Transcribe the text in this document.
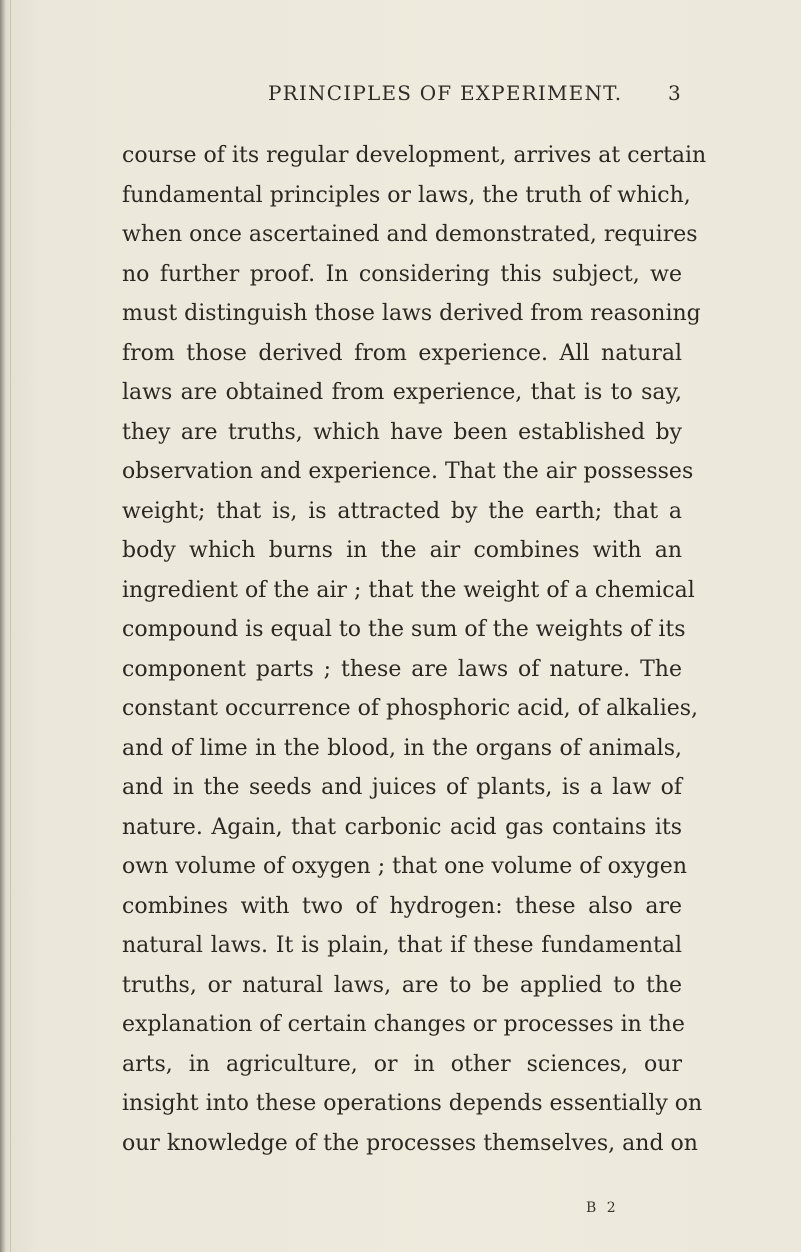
PRINCIPLES OF EXPERIMENT. 3
course of its regular development, arrives at certain
fundamental principles or laws, the truth of which,
when once ascertained and demonstrated, requires
no further proof. In considering this subject, we
must distinguish those laws derived from reasoning
from those derived from experience. All natural
laws are obtained from experience, that is to say,
they are truths, which have been established by
observation and experience. That the air possesses
weight; that is, is attracted by the earth; that a
body which burns in the air combines with an
ingredient of the air ; that the weight of a chemical
compound is equal to the sum of the weights of its
component parts ; these are laws of nature. The
constant occurrence of phosphoric acid, of alkalies,
and of lime in the blood, in the organs of animals,
and in the seeds and juices of plants, is a law of
nature. Again, that carbonic acid gas contains its
own volume of oxygen ; that one volume of oxygen
combines with two of hydrogen: these also are
natural laws. It is plain, that if these fundamental
truths, or natural laws, are to be applied to the
explanation of certain changes or processes in the
arts, in agriculture, or in other sciences, our
insight into these operations depends essentially on
our knowledge of the processes themselves, and on
B 2
